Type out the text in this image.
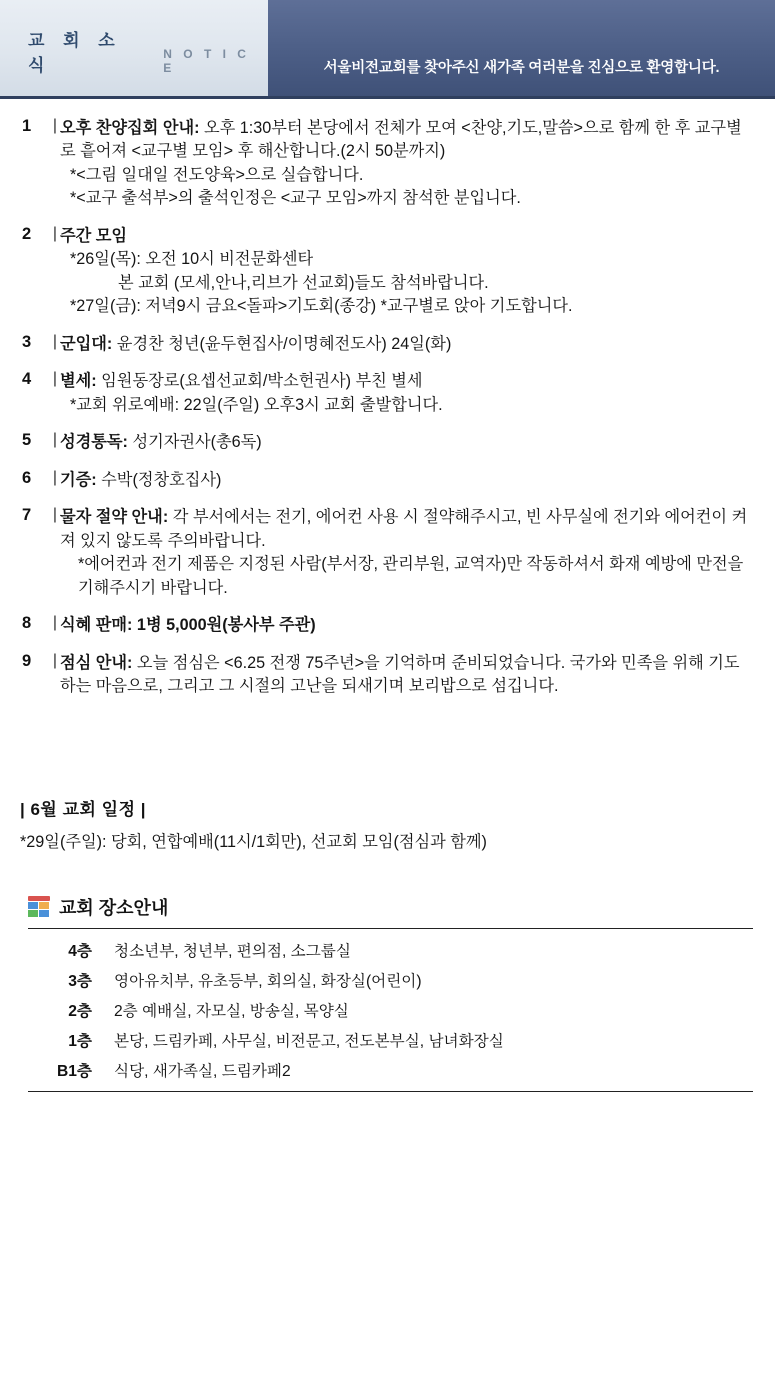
교 회 소 식
N O T I C E	서울비전교회를 찾아주신 새가족 여러분을 진심으로 환영합니다.
1	| 오후 찬양집회 안내: 오후 1:30부터 본당에서 전체가 모여 <찬양,기도,말씀>으로 함께 한 후 교구별로 흩어져 <교구별 모임> 후 해산합니다.(2시 50분까지)
*<그림 일대일 전도양육>으로 실습합니다.
*<교구 출석부>의 출석인정은 <교구 모임>까지 참석한 분입니다.
2	| 주간 모임
*26일(목): 오전 10시 비전문화센타
본 교회 (모세,안나,리브가 선교회)들도 참석바랍니다.
*27일(금): 저녁9시 금요<돌파>기도회(종강) *교구별로 앉아 기도합니다.
3	| 군입대: 윤경찬 청년(윤두현집사/이명혜전도사) 24일(화)
4	| 별세: 임원동장로(요셉선교회/박소헌권사) 부친 별세
*교회 위로예배: 22일(주일) 오후3시 교회 출발합니다.
5	| 성경통독: 성기자권사(총6독)
6	| 기증: 수박(정창호집사)
7	| 물자 절약 안내: 각 부서에서는 전기, 에어컨 사용 시 절약해주시고, 빈 사무실에 전기와 에어컨이 켜져 있지 않도록 주의바랍니다.
*에어컨과 전기 제품은 지정된 사람(부서장, 관리부원, 교역자)만 작동하셔서 화재 예방에 만전을 기해주시기 바랍니다.
8	| 식혜 판매: 1병 5,000원(봉사부 주관)
9	| 점심 안내: 오늘 점심은 <6.25 전쟁 75주년>을 기억하며 준비되었습니다. 국가와 민족을 위해 기도하는 마음으로, 그리고 그 시절의 고난을 되새기며 보리밥으로 섬깁니다.
| 6월 교회 일정 |
*29일(주일): 당회, 연합예배(11시/1회만), 선교회 모임(점심과 함께)
교회 장소안내
4층	청소년부, 청년부, 편의점, 소그룹실
3층	영아유치부, 유초등부, 회의실, 화장실(어린이)
2층	2층 예배실, 자모실, 방송실, 목양실
1층	본당, 드림카페, 사무실, 비전문고, 전도본부실, 남녀화장실
B1층	식당, 새가족실, 드림카페2
